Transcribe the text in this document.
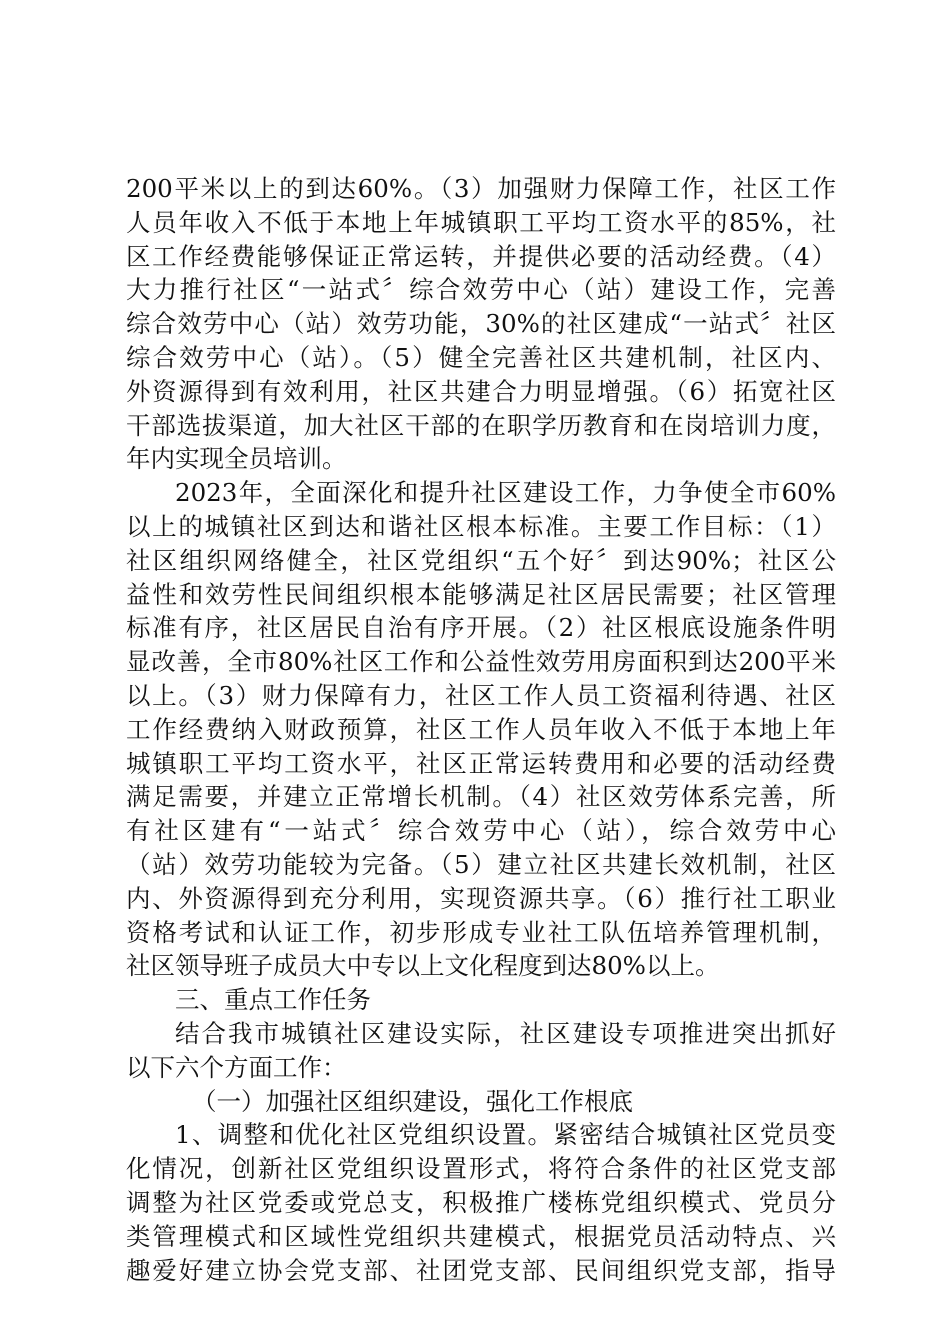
200平米以上的到达60%。（3）加强财力保障工作，社区工作
人员年收入不低于本地上年城镇职工平均工资水平的85%，社
区工作经费能够保证正常运转，并提供必要的活动经费。（4）
大力推行社区“一站式〞综合效劳中心（站）建设工作，完善
综合效劳中心（站）效劳功能，30%的社区建成“一站式〞社区
综合效劳中心（站）。（5）健全完善社区共建机制，社区内、
外资源得到有效利用，社区共建合力明显增强。（6）拓宽社区
干部选拔渠道，加大社区干部的在职学历教育和在岗培训力度，
年内实现全员培训。
2023年，全面深化和提升社区建设工作，力争使全市60%
以上的城镇社区到达和谐社区根本标准。主要工作目标：（1）
社区组织网络健全，社区党组织“五个好〞到达90%；社区公
益性和效劳性民间组织根本能够满足社区居民需要；社区管理
标准有序，社区居民自治有序开展。（2）社区根底设施条件明
显改善，全市80%社区工作和公益性效劳用房面积到达200平米
以上。（3）财力保障有力，社区工作人员工资福利待遇、社区
工作经费纳入财政预算，社区工作人员年收入不低于本地上年
城镇职工平均工资水平，社区正常运转费用和必要的活动经费
满足需要，并建立正常增长机制。（4）社区效劳体系完善，所
有社区建有“一站式〞综合效劳中心（站），综合效劳中心
（站）效劳功能较为完备。（5）建立社区共建长效机制，社区
内、外资源得到充分利用，实现资源共享。（6）推行社工职业
资格考试和认证工作，初步形成专业社工队伍培养管理机制，
社区领导班子成员大中专以上文化程度到达80%以上。
三、重点工作任务
结合我市城镇社区建设实际，社区建设专项推进突出抓好
以下六个方面工作：
（一）加强社区组织建设，强化工作根底
1、调整和优化社区党组织设置。紧密结合城镇社区党员变
化情况，创新社区党组织设置形式，将符合条件的社区党支部
调整为社区党委或党总支，积极推广楼栋党组织模式、党员分
类管理模式和区域性党组织共建模式，根据党员活动特点、兴
趣爱好建立协会党支部、社团党支部、民间组织党支部，指导
